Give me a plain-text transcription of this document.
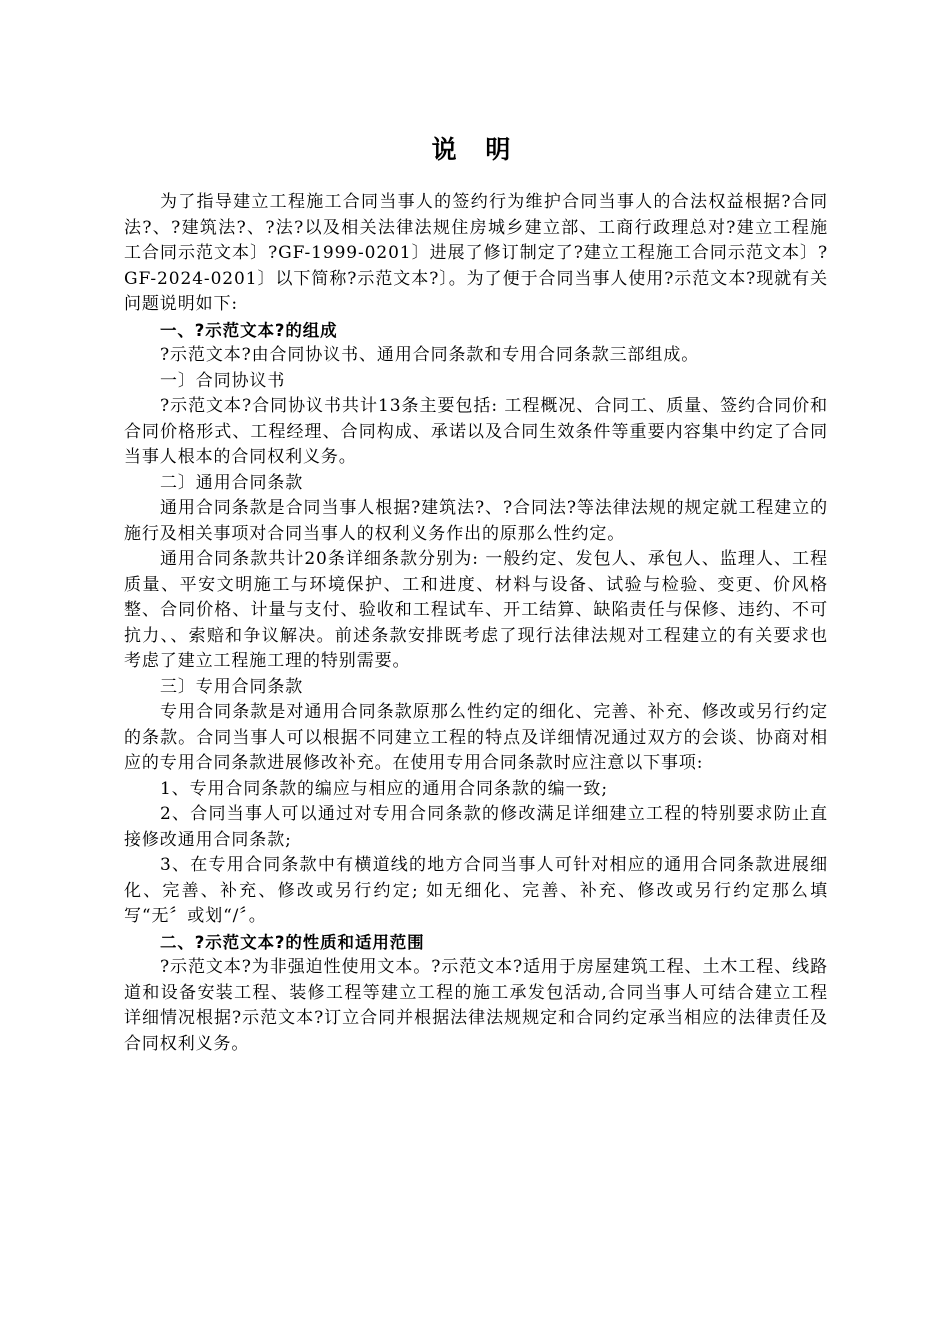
说 明

为了指导建立工程施工合同当事人的签约行为维护合同当事人的合法权益根据?合同法?、?建筑法?、?法?以及相关法律法规住房城乡建立部、工商行政理总对?建立工程施工合同示范文本〕?GF-1999-0201〕进展了修订制定了?建立工程施工合同示范文本〕?GF-2024-0201〕以下简称?示范文本?〕。为了便于合同当事人使用?示范文本?现就有关问题说明如下:

一、?示范文本?的组成

?示范文本?由合同协议书、通用合同条款和专用合同条款三部组成。

一〕合同协议书

?示范文本?合同协议书共计13条主要包括: 工程概况、合同工、质量、签约合同价和合同价格形式、工程经理、合同构成、承诺以及合同生效条件等重要内容集中约定了合同当事人根本的合同权利义务。

二〕通用合同条款

通用合同条款是合同当事人根据?建筑法?、?合同法?等法律法规的规定就工程建立的施行及相关事项对合同当事人的权利义务作出的原那么性约定。

通用合同条款共计20条详细条款分别为: 一般约定、发包人、承包人、监理人、工程质量、平安文明施工与环境保护、工和进度、材料与设备、试验与检验、变更、价风格整、合同价格、计量与支付、验收和工程试车、开工结算、缺陷责任与保修、违约、不可抗力、、索赔和争议解决。前述条款安排既考虑了现行法律法规对工程建立的有关要求也考虑了建立工程施工理的特别需要。

三〕专用合同条款

专用合同条款是对通用合同条款原那么性约定的细化、完善、补充、修改或另行约定的条款。合同当事人可以根据不同建立工程的特点及详细情况通过双方的会谈、协商对相应的专用合同条款进展修改补充。在使用专用合同条款时应注意以下事项:

1、专用合同条款的编应与相应的通用合同条款的编一致;

2、合同当事人可以通过对专用合同条款的修改满足详细建立工程的特别要求防止直接修改通用合同条款;

3、在专用合同条款中有横道线的地方合同当事人可针对相应的通用合同条款进展细化、完善、补充、修改或另行约定; 如无细化、完善、补充、修改或另行约定那么填写“无〞或划“/〞。

二、?示范文本?的性质和适用范围

?示范文本?为非强迫性使用文本。?示范文本?适用于房屋建筑工程、土木工程、线路道和设备安装工程、装修工程等建立工程的施工承发包活动,合同当事人可结合建立工程详细情况根据?示范文本?订立合同并根据法律法规规定和合同约定承当相应的法律责任及合同权利义务。
